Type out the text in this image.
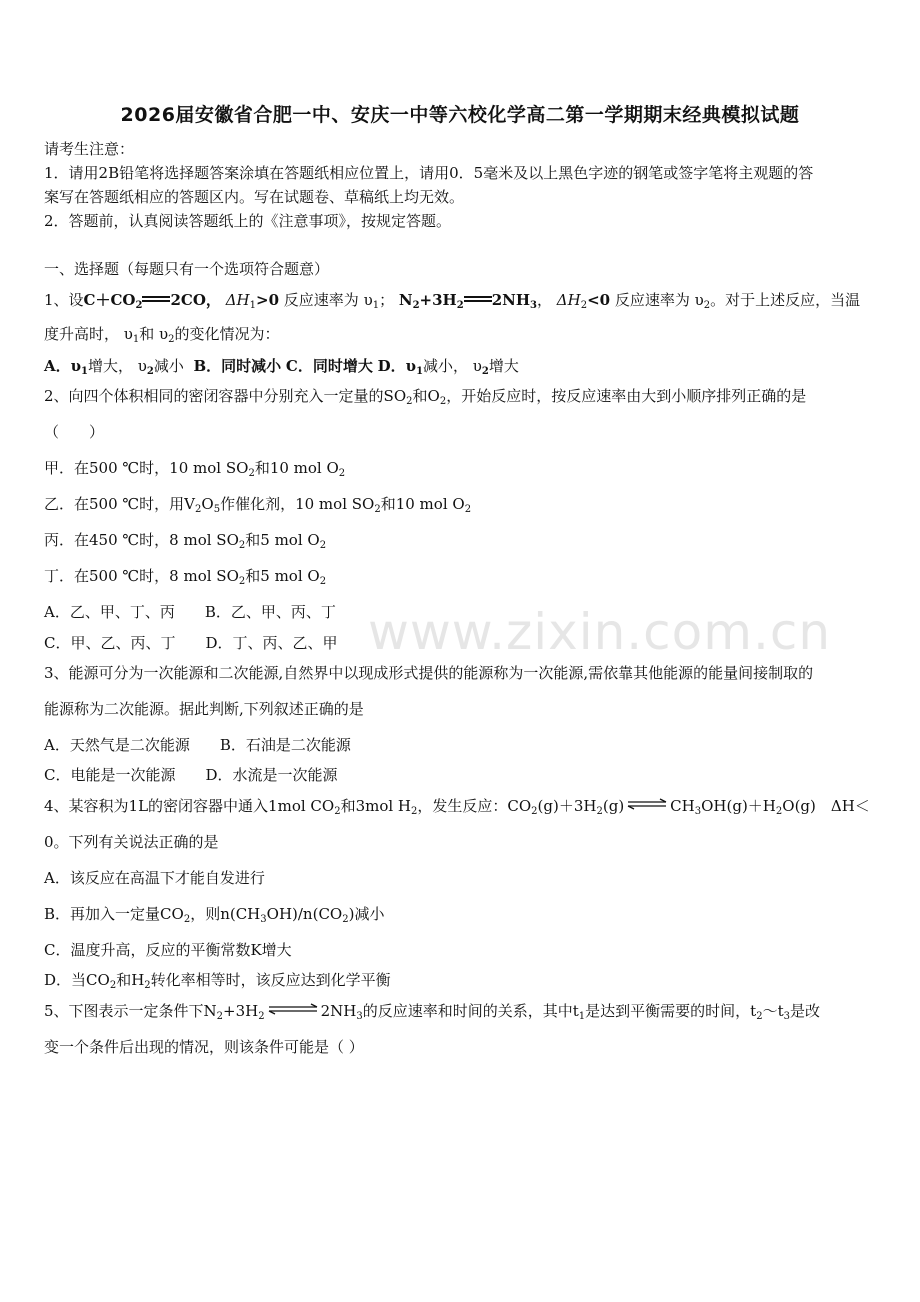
2026届安徽省合肥一中、安庆一中等六校化学高二第一学期期末经典模拟试题
请考生注意：
1．请用2B铅笔将选择题答案涂填在答题纸相应位置上，请用0．5毫米及以上黑色字迹的钢笔或签字笔将主观题的答
案写在答题纸相应的答题区内。写在试题卷、草稿纸上均无效。
2．答题前，认真阅读答题纸上的《注意事项》，按规定答题。
一、选择题（每题只有一个选项符合题意）
1、设$C+CO_2$ 2CO， $\Delta H_1>0$ 反应速率为 $\upsilon_1$； $N_2+3H_2$ $2NH_3$， $\Delta H_2<0$ 反应速率为 $\upsilon_2$。对于上述反应，当温
度升高时， $\upsilon_1$和 $\upsilon_2$的变化情况为：
A．$\upsilon_1$增大， $\upsilon_2$减小 B．同时减小 C．同时增大 D．$\upsilon_1$减小， $\upsilon_2$增大
2、向四个体积相同的密闭容器中分别充入一定量的$SO_2$和$O_2$，开始反应时，按反应速率由大到小顺序排列正确的是
（　　）
甲．在500 ℃时，10 mol $SO_2$和10 mol $O_2$
乙．在500 ℃时，用$V_2O_5$作催化剂，10 mol $SO_2$和10 mol $O_2$
丙．在450 ℃时，8 mol $SO_2$和5 mol $O_2$
丁．在500 ℃时，8 mol $SO_2$和5 mol $O_2$
A．乙、甲、丁、丙 B．乙、甲、丙、丁
C．甲、乙、丙、丁 D．丁、丙、乙、甲 www.zixin.com.cn
3、能源可分为一次能源和二次能源,自然界中以现成形式提供的能源称为一次能源,需依靠其他能源的能量间接制取的
能源称为二次能源。据此判断,下列叙述正确的是
A．天然气是二次能源 B．石油是二次能源
C．电能是一次能源 D．水流是一次能源
4、某容积为1L的密闭容器中通入1mol $CO_2$和3mol $H_2$，发生反应：$CO_2(g)+3H_2(g)$ ⇌ $CH_3OH(g)+H_2O(g)$　ΔH＜
0。下列有关说法正确的是
A．该反应在高温下才能自发进行
B．再加入一定量$CO_2$，则$n(CH_3OH)/n(CO_2)$减小
C．温度升高，反应的平衡常数K增大
D．当$CO_2$和$H_2$转化率相等时，该反应达到化学平衡
5、下图表示一定条件下$N_2+3H_2$ ⇌ $2NH_3$的反应速率和时间的关系，其中$t_1$是达到平衡需要的时间，$t_2\sim t_3$是改
变一个条件后出现的情况，则该条件可能是（ ）
